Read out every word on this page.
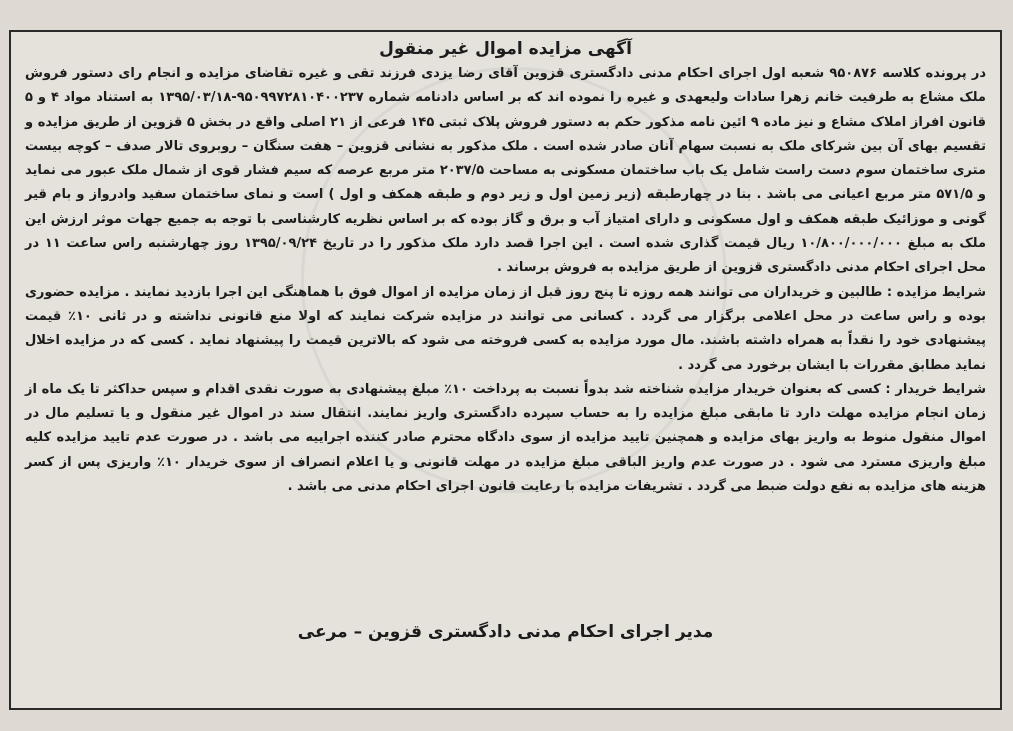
آگهی مزایده اموال غیر منقول

در پرونده کلاسه ۹۵۰۸۷۶ شعبه اول اجرای احکام مدنی دادگستری قزوین آقای رضا یزدی فرزند تقی و غیره تقاضای مزایده و انجام رای دستور فروش ملک مشاع به طرفیت خانم زهرا سادات ولیعهدی و غیره را نموده اند که بر اساس دادنامه شماره ۹۵۰۹۹۷۲۸۱۰۴۰۰۲۳۷-۱۳۹۵/۰۳/۱۸ به استناد مواد ۴ و ۵ قانون افراز املاک مشاع و نیز ماده ۹ ائین نامه مذکور حکم به دستور فروش پلاک ثبتی ۱۴۵ فرعی از ۲۱ اصلی واقع در بخش ۵ قزوین از طریق مزایده و تقسیم بهای آن بین شرکای ملک به نسبت سهام آنان صادر شده است . ملک مذکور به نشانی قزوین – هفت سنگان – روبروی تالار صدف – کوچه بیست متری ساختمان سوم دست راست شامل یک باب ساختمان مسکونی به مساحت ۲۰۳۷/۵ متر مربع عرصه که سیم فشار قوی از شمال ملک عبور می نماید و ۵۷۱/۵ متر مربع اعیانی می باشد . بنا در چهارطبقه (زیر زمین اول و زیر دوم و طبقه همکف و اول ) است و نمای ساختمان سفید وادرواز و بام قیر گونی و موزائیک طبقه همکف و اول مسکونی و دارای امتیاز آب و برق و گاز بوده که بر اساس نظریه کارشناسی با توجه به جمیع جهات موثر ارزش این ملک به مبلغ ۱۰/۸۰۰/۰۰۰/۰۰۰ ریال قیمت گذاری شده است . این اجرا قصد دارد ملک مذکور را در تاریخ ۱۳۹۵/۰۹/۲۴ روز چهارشنبه راس ساعت ۱۱ در محل اجرای احکام مدنی دادگستری قزوین از طریق مزایده به فروش برساند .

شرایط مزایده : طالبین و خریداران می توانند همه روزه تا پنج روز قبل از زمان مزایده از اموال فوق با هماهنگی این اجرا بازدید نمایند . مزایده حضوری بوده و راس ساعت در محل اعلامی برگزار می گردد . کسانی می توانند در مزایده شرکت نمایند که اولا منع قانونی نداشته و در ثانی ۱۰٪ قیمت پیشنهادی خود را نقداً به همراه داشته باشند. مال مورد مزایده به کسی فروخته می شود که بالاترین قیمت را پیشنهاد نماید . کسی که در مزایده اخلال نماید مطابق مقررات با ایشان برخورد می گردد .

شرایط خریدار : کسی که بعنوان خریدار مزایده شناخته شد بدواً نسبت به پرداخت ۱۰٪ مبلغ پیشنهادی به صورت نقدی اقدام و سپس حداکثر تا یک ماه از زمان انجام مزایده مهلت دارد تا مابقی مبلغ مزایده را به حساب سپرده دادگستری واریز نمایند. انتقال سند در اموال غیر منقول و یا تسلیم مال در اموال منقول منوط به واریز بهای مزایده و همچنین تایید مزایده از سوی دادگاه محترم صادر کننده اجراییه می باشد . در صورت عدم تایید مزایده کلیه مبلغ واریزی مسترد می شود . در صورت عدم واریز الباقی مبلغ مزایده در مهلت قانونی و یا اعلام انصراف از سوی خریدار ۱۰٪ واریزی پس از کسر هزینه های مزایده به نفع دولت ضبط می گردد . تشریفات مزایده با رعایت قانون اجرای احکام مدنی می باشد .

مدیر اجرای احکام مدنی دادگستری قزوین – مرعی
